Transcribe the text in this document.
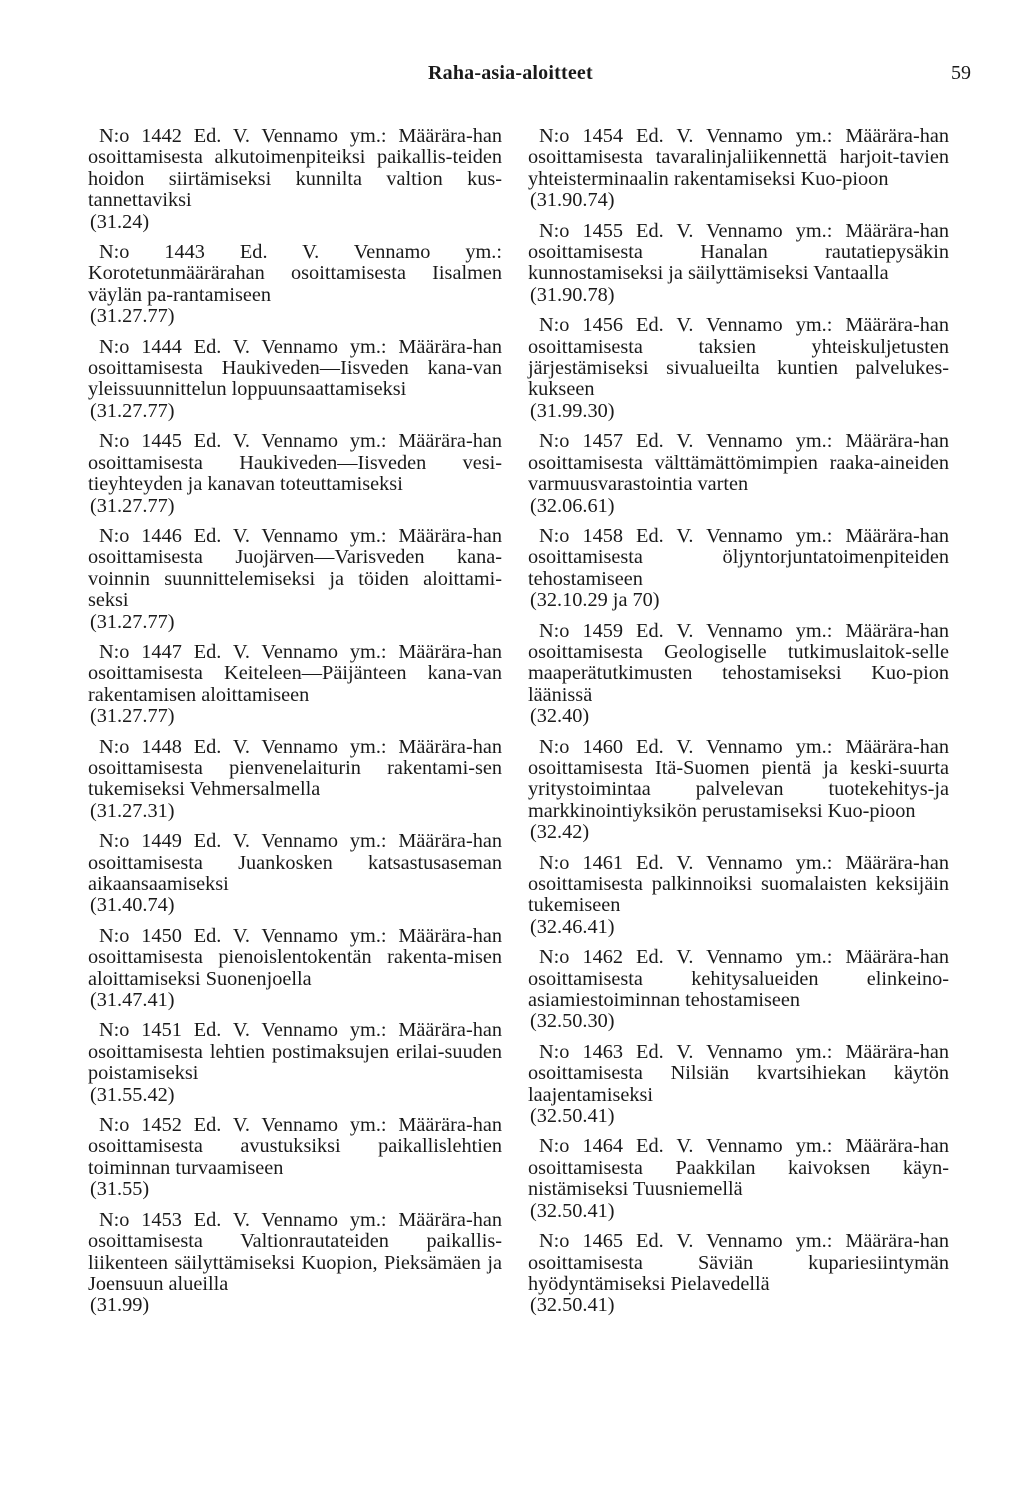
Raha-asia-aloitteet	59
N:o 1442 Ed. V. Vennamo ym.: Määrära-han osoittamisesta alkutoimenpiteiksi paikallis-teiden hoidon siirtämiseksi kunnilta valtion kus-tannettaviksi
(31.24)
N:o 1443 Ed. V. Vennamo ym.: Korotetunmäärärahan osoittamisesta Iisalmen väylän pa-rantamiseen
(31.27.77)
N:o 1444 Ed. V. Vennamo ym.: Määrära-han osoittamisesta Haukiveden—Iisveden kana-van yleissuunnittelun loppuunsaattamiseksi
(31.27.77)
N:o 1445 Ed. V. Vennamo ym.: Määrära-han osoittamisesta Haukiveden—Iisveden vesi-tieyhteyden ja kanavan toteuttamiseksi
(31.27.77)
N:o 1446 Ed. V. Vennamo ym.: Määrära-han osoittamisesta Juojärven—Varisveden kana-voinnin suunnittelemiseksi ja töiden aloittami-seksi
(31.27.77)
N:o 1447 Ed. V. Vennamo ym.: Määrära-han osoittamisesta Keiteleen—Päijänteen kana-van rakentamisen aloittamiseen
(31.27.77)
N:o 1448 Ed. V. Vennamo ym.: Määrära-han osoittamisesta pienvenelaiturin rakentami-sen tukemiseksi Vehmersalmella
(31.27.31)
N:o 1449 Ed. V. Vennamo ym.: Määrära-han osoittamisesta Juankosken katsastusaseman aikaansaamiseksi
(31.40.74)
N:o 1450 Ed. V. Vennamo ym.: Määrära-han osoittamisesta pienoislentokentän rakenta-misen aloittamiseksi Suonenjoella
(31.47.41)
N:o 1451 Ed. V. Vennamo ym.: Määrära-han osoittamisesta lehtien postimaksujen erilai-suuden poistamiseksi
(31.55.42)
N:o 1452 Ed. V. Vennamo ym.: Määrära-han osoittamisesta avustuksiksi paikallislehtien toiminnan turvaamiseen
(31.55)
N:o 1453 Ed. V. Vennamo ym.: Määrära-han osoittamisesta Valtionrautateiden paikallis-liikenteen säilyttämiseksi Kuopion, Pieksämäen ja Joensuun alueilla
(31.99)
N:o 1454 Ed. V. Vennamo ym.: Määrära-han osoittamisesta tavaralinjaliikennettä harjoit-tavien yhteisterminaalin rakentamiseksi Kuo-pioon
(31.90.74)
N:o 1455 Ed. V. Vennamo ym.: Määrära-han osoittamisesta Hanalan rautatiepysäkin kunnostamiseksi ja säilyttämiseksi Vantaalla
(31.90.78)
N:o 1456 Ed. V. Vennamo ym.: Määrära-han osoittamisesta taksien yhteiskuljetusten järjestämiseksi sivualueilta kuntien palvelukes-kukseen
(31.99.30)
N:o 1457 Ed. V. Vennamo ym.: Määrära-han osoittamisesta välttämättömimpien raaka-aineiden varmuusvarastointia varten
(32.06.61)
N:o 1458 Ed. V. Vennamo ym.: Määrära-han osoittamisesta öljyntorjuntatoimenpiteiden tehostamiseen
(32.10.29 ja 70)
N:o 1459 Ed. V. Vennamo ym.: Määrära-han osoittamisesta Geologiselle tutkimuslaitok-selle maaperätutkimusten tehostamiseksi Kuo-pion läänissä
(32.40)
N:o 1460 Ed. V. Vennamo ym.: Määrära-han osoittamisesta Itä-Suomen pientä ja keski-suurta yritystoimintaa palvelevan tuotekehitys-ja markkinointiyksikön perustamiseksi Kuo-pioon
(32.42)
N:o 1461 Ed. V. Vennamo ym.: Määrära-han osoittamisesta palkinnoiksi suomalaisten keksijäin tukemiseen
(32.46.41)
N:o 1462 Ed. V. Vennamo ym.: Määrära-han osoittamisesta kehitysalueiden elinkeino-asiamiestoiminnan tehostamiseen
(32.50.30)
N:o 1463 Ed. V. Vennamo ym.: Määrära-han osoittamisesta Nilsiän kvartsihiekan käytön laajentamiseksi
(32.50.41)
N:o 1464 Ed. V. Vennamo ym.: Määrära-han osoittamisesta Paakkilan kaivoksen käyn-nistämiseksi Tuusniemellä
(32.50.41)
N:o 1465 Ed. V. Vennamo ym.: Määrära-han osoittamisesta Säviän kupariesiintymän hyödyntämiseksi Pielavedellä
(32.50.41)
